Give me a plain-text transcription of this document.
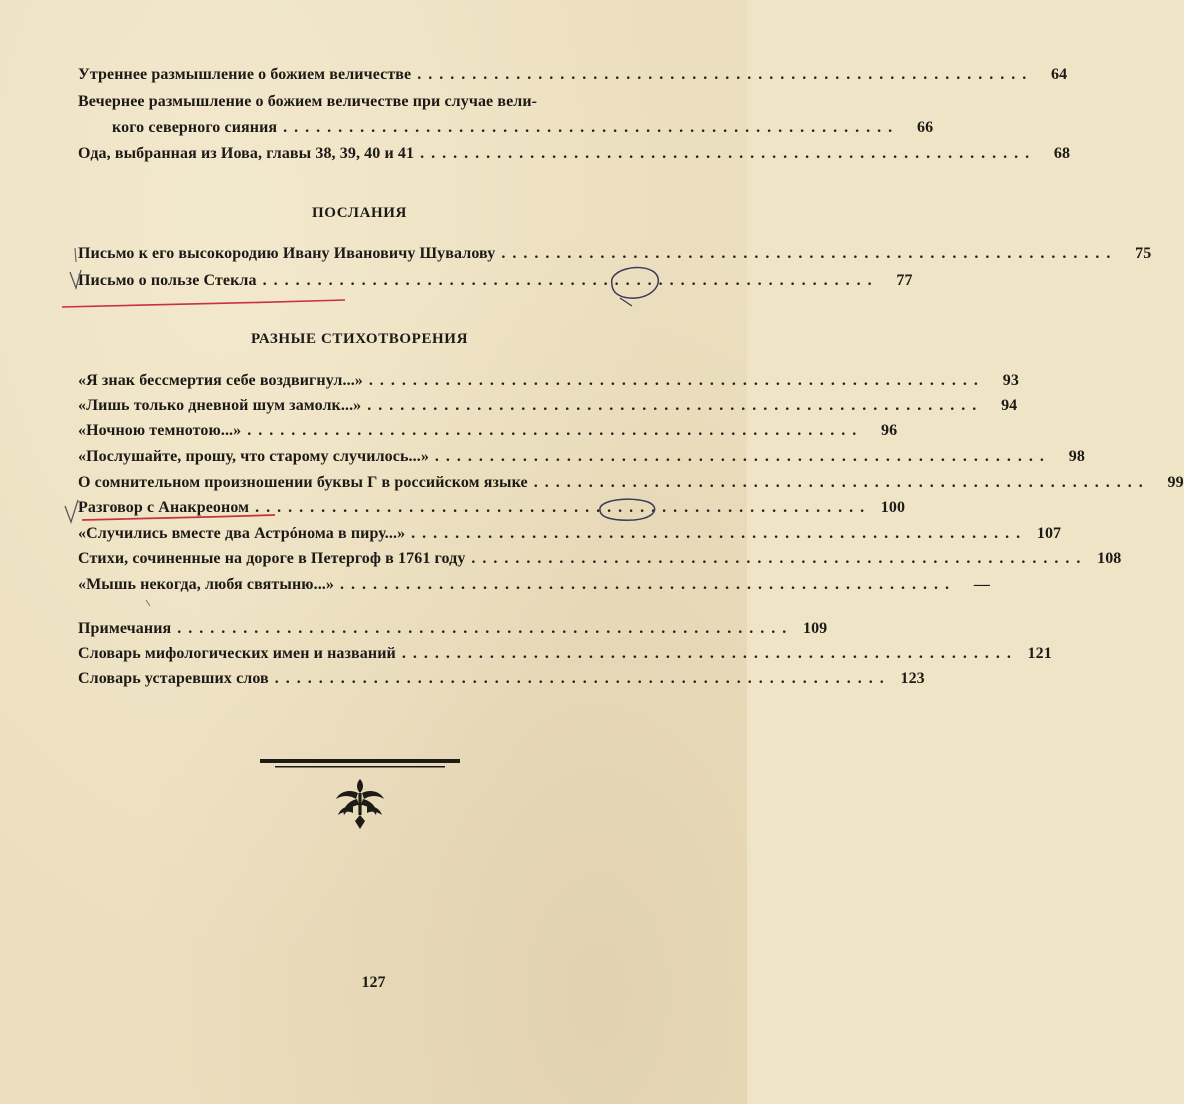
Утреннее размышление о божием величестве ........................................................	64
Вечернее размышление о божием величестве при случае вели-
кого северного сияния ........................................................	66
Ода, выбранная из Иова, главы 38, 39, 40 и 41 ........................................................	68
ПОСЛАНИЯ
Письмо к его высокородию Ивану Ивановичу Шувалову ........................................................	75
Письмо о пользе Стекла ........................................................	77
РАЗНЫЕ СТИХОТВОРЕНИЯ
«Я знак бессмертия себе воздвигнул...» ........................................................	93
«Лишь только дневной шум замолк...» ........................................................	94
«Ночною темнотою...» ........................................................	96
«Послушайте, прошу, что старому случилось...» ........................................................	98
О сомнительном произношении буквы Г в российском языке ........................................................	99
Разговор с Анакреоном ........................................................ 100
«Случились вместе два Астрóнома в пиру...» ........................................................ 107
Стихи, сочиненные на дороге в Петергоф в 1761 году ........................................................ 108
«Мышь некогда, любя святыню...» ........................................................	—
Примечания ........................................................ 109
Словарь мифологических имен и названий ........................................................ 121
Словарь устаревших слов ........................................................ 123
127
